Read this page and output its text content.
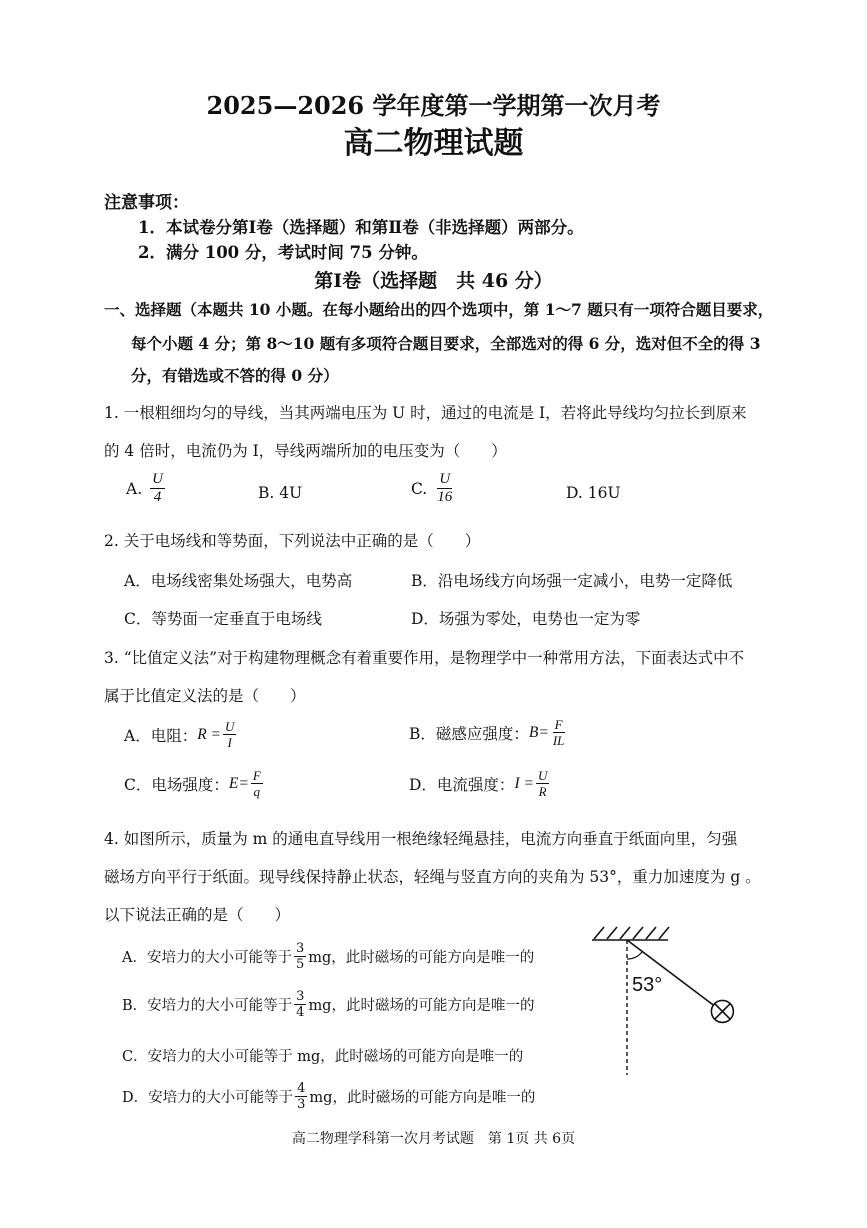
2025—2026 学年度第一学期第一次月考
高二物理试题
注意事项：
1．本试卷分第Ⅰ卷（选择题）和第Ⅱ卷（非选择题）两部分。
2．满分 100 分，考试时间 75 分钟。
第Ⅰ卷（选择题　共 46 分）
一、选择题（本题共 10 小题。在每小题给出的四个选项中，第 1～7 题只有一项符合题目要求，
每个小题 4 分；第 8～10 题有多项符合题目要求，全部选对的得 6 分，选对但不全的得 3
分，有错选或不答的得 0 分）
1. 一根粗细均匀的导线，当其两端电压为 U 时，通过的电流是 I，若将此导线均匀拉长到原来
的 4 倍时，电流仍为 I，导线两端所加的电压变为（　　）
A. $\frac{U}{4}$	B. 4U	C. $\frac{U}{16}$	D. 16U
2. 关于电场线和等势面，下列说法中正确的是（　　）
A．电场线密集处场强大，电势高	B．沿电场线方向场强一定减小，电势一定降低
C．等势面一定垂直于电场线	D．场强为零处，电势也一定为零
3. “比值定义法”对于构建物理概念有着重要作用，是物理学中一种常用方法，下面表达式中不
属于比值定义法的是（　　）
A．电阻： $R = \frac{U}{I}$	B．磁感应强度： $B= \frac{F}{IL}$
C．电场强度： $E= \frac{F}{q}$	D．电流强度： $I = \frac{U}{R}$
4. 如图所示，质量为 m 的通电直导线用一根绝缘轻绳悬挂，电流方向垂直于纸面向里，匀强
磁场方向平行于纸面。现导线保持静止状态，轻绳与竖直方向的夹角为 53°，重力加速度为 g 。
以下说法正确的是（　　）
A．安培力的大小可能等于 $\frac{3}{5}$ mg，此时磁场的可能方向是唯一的
B．安培力的大小可能等于 $\frac{3}{4}$ mg，此时磁场的可能方向是唯一的
C．安培力的大小可能等于 mg，此时磁场的可能方向是唯一的
D．安培力的大小可能等于 $\frac{4}{3}$ mg，此时磁场的可能方向是唯一的
53°
高二物理学科第一次月考试题　第 1页 共 6页
